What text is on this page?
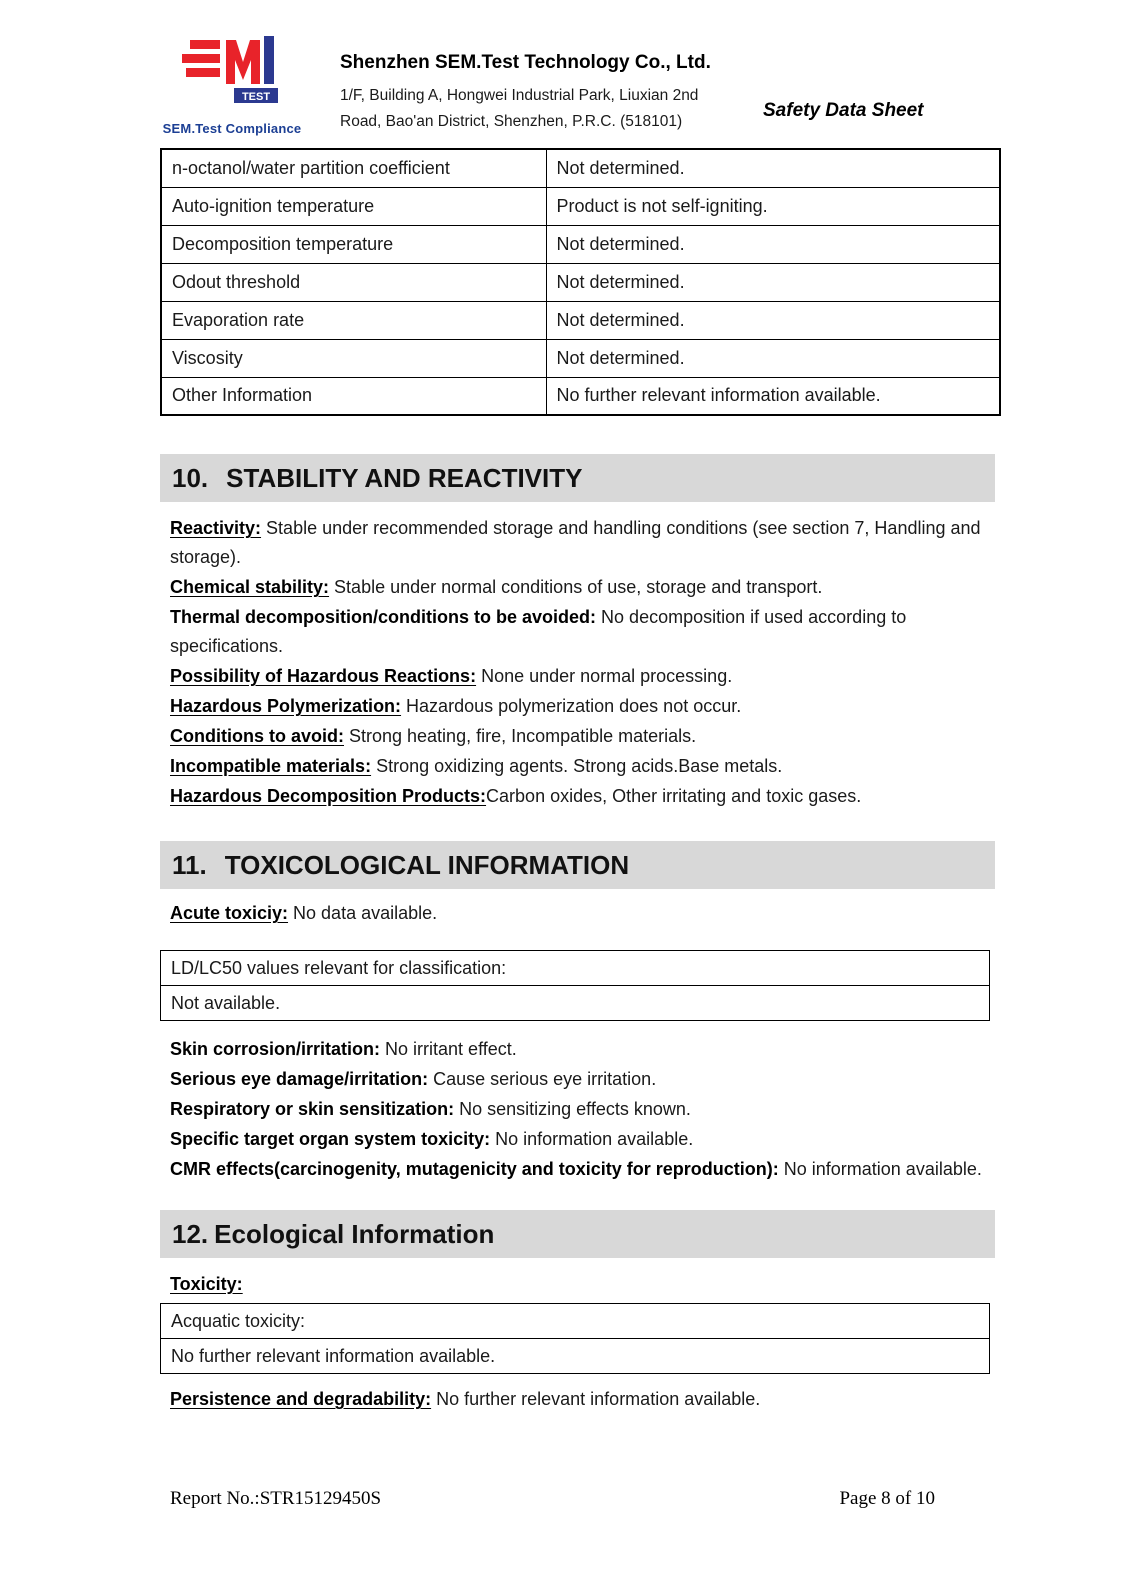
TEST
SEM.Test Compliance
Shenzhen SEM.Test Technology Co., Ltd.
1/F, Building A, Hongwei Industrial Park, Liuxian 2nd
Road, Bao'an District, Shenzhen, P.R.C. (518101)
Safety Data Sheet
n-octanol/water partition coefficient	Not determined.
Auto-ignition temperature	Product is not self-igniting.
Decomposition temperature	Not determined.
Odout threshold	Not determined.
Evaporation rate	Not determined.
Viscosity	Not determined.
Other Information	No further relevant information available.
10. STABILITY AND REACTIVITY

Reactivity: Stable under recommended storage and handling conditions (see section 7, Handling and storage).

Chemical stability: Stable under normal conditions of use, storage and transport.

Thermal decomposition/conditions to be avoided: No decomposition if used according to specifications.

Possibility of Hazardous Reactions: None under normal processing.

Hazardous Polymerization: Hazardous polymerization does not occur.

Conditions to avoid: Strong heating, fire, Incompatible materials.

Incompatible materials: Strong oxidizing agents. Strong acids.Base metals.

Hazardous Decomposition Products:Carbon oxides, Other irritating and toxic gases.

11. TOXICOLOGICAL INFORMATION

Acute toxiciy: No data available.

LD/LC50 values relevant for classification:
Not available.

Skin corrosion/irritation: No irritant effect.

Serious eye damage/irritation: Cause serious eye irritation.

Respiratory or skin sensitization: No sensitizing effects known.

Specific target organ system toxicity: No information available.

CMR effects(carcinogenity, mutagenicity and toxicity for reproduction): No information available.

12. Ecological Information

Toxicity:

Acquatic toxicity:
No further relevant information available.

Persistence and degradability: No further relevant information available.

Report No.:STR15129450S	Page 8 of 10
